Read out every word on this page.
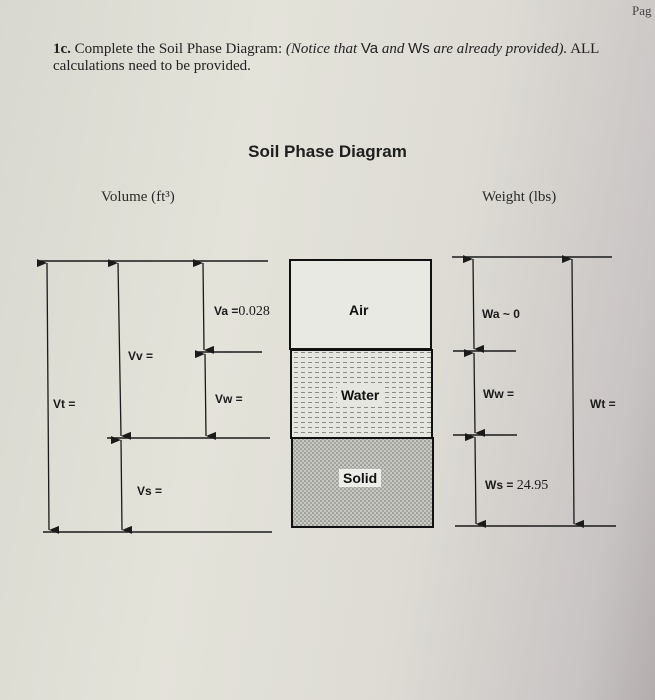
Pag
1c. Complete the Soil Phase Diagram: (Notice that Va and Ws are already provided). ALL calculations need to be provided.
Soil Phase Diagram
Volume (ft³)	Weight (lbs)
Vt =
Vv =
Va =0.028
Vw =
Vs =
Air
Water
Solid
Wa ~ 0
Ww =
Ws = 24.95
Wt =
